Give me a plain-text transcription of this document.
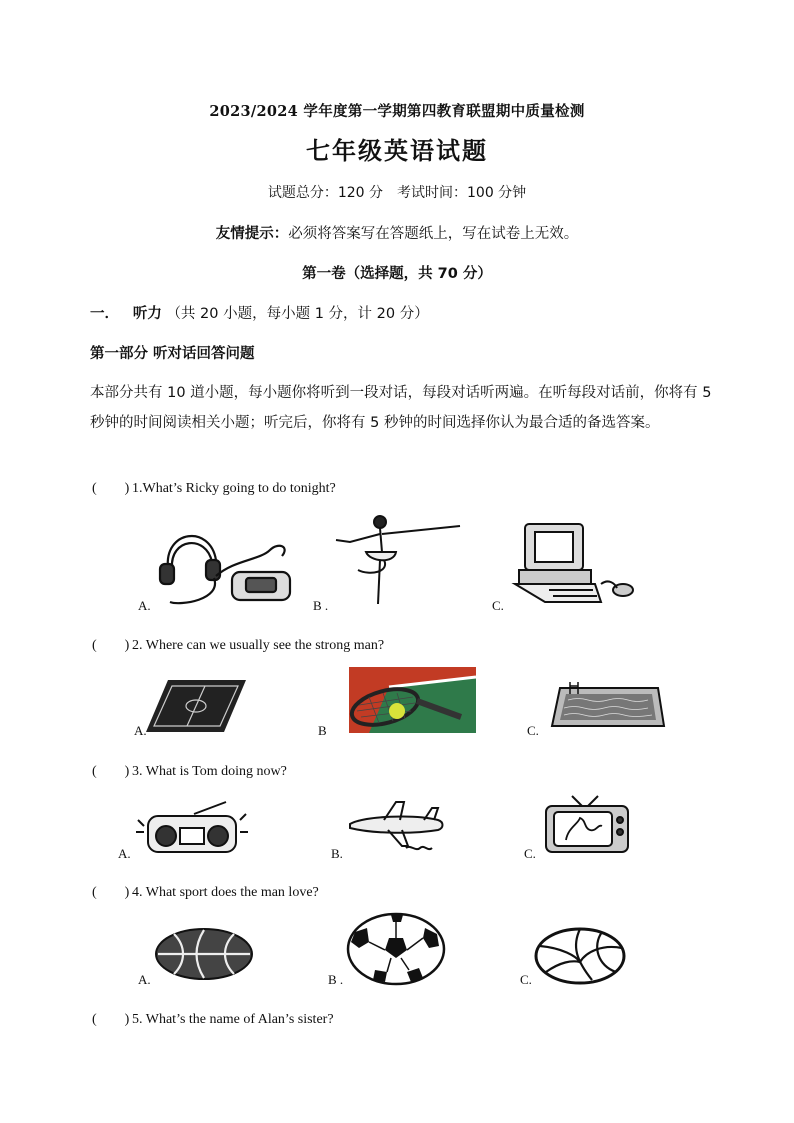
2023/2024 学年度第一学期第四教育联盟期中质量检测
七年级英语试题
试题总分：120 分　考试时间：100 分钟
友情提示：必须将答案写在答题纸上，写在试卷上无效。
第一卷（选择题，共 70 分）
一． 听力 （共 20 小题，每小题 1 分，计 20 分）
第一部分 听对话回答问题
本部分共有 10 道小题，每小题你将听到一段对话，每段对话听两遍。在听每段对话前，你将有 5 秒钟的时间阅读相关小题；听完后，你将有 5 秒钟的时间选择你认为最合适的备选答案。
(　　) 1.What’s Ricky going to do tonight?
A.	B .	C.
(　　) 2. Where can we usually see the strong man?
A.	B	C.
(　　) 3. What is Tom doing now?
A.	B.	C.
(　　) 4. What sport does the man love?
A.	B .	C.
(　　) 5. What’s the name of Alan’s sister?
